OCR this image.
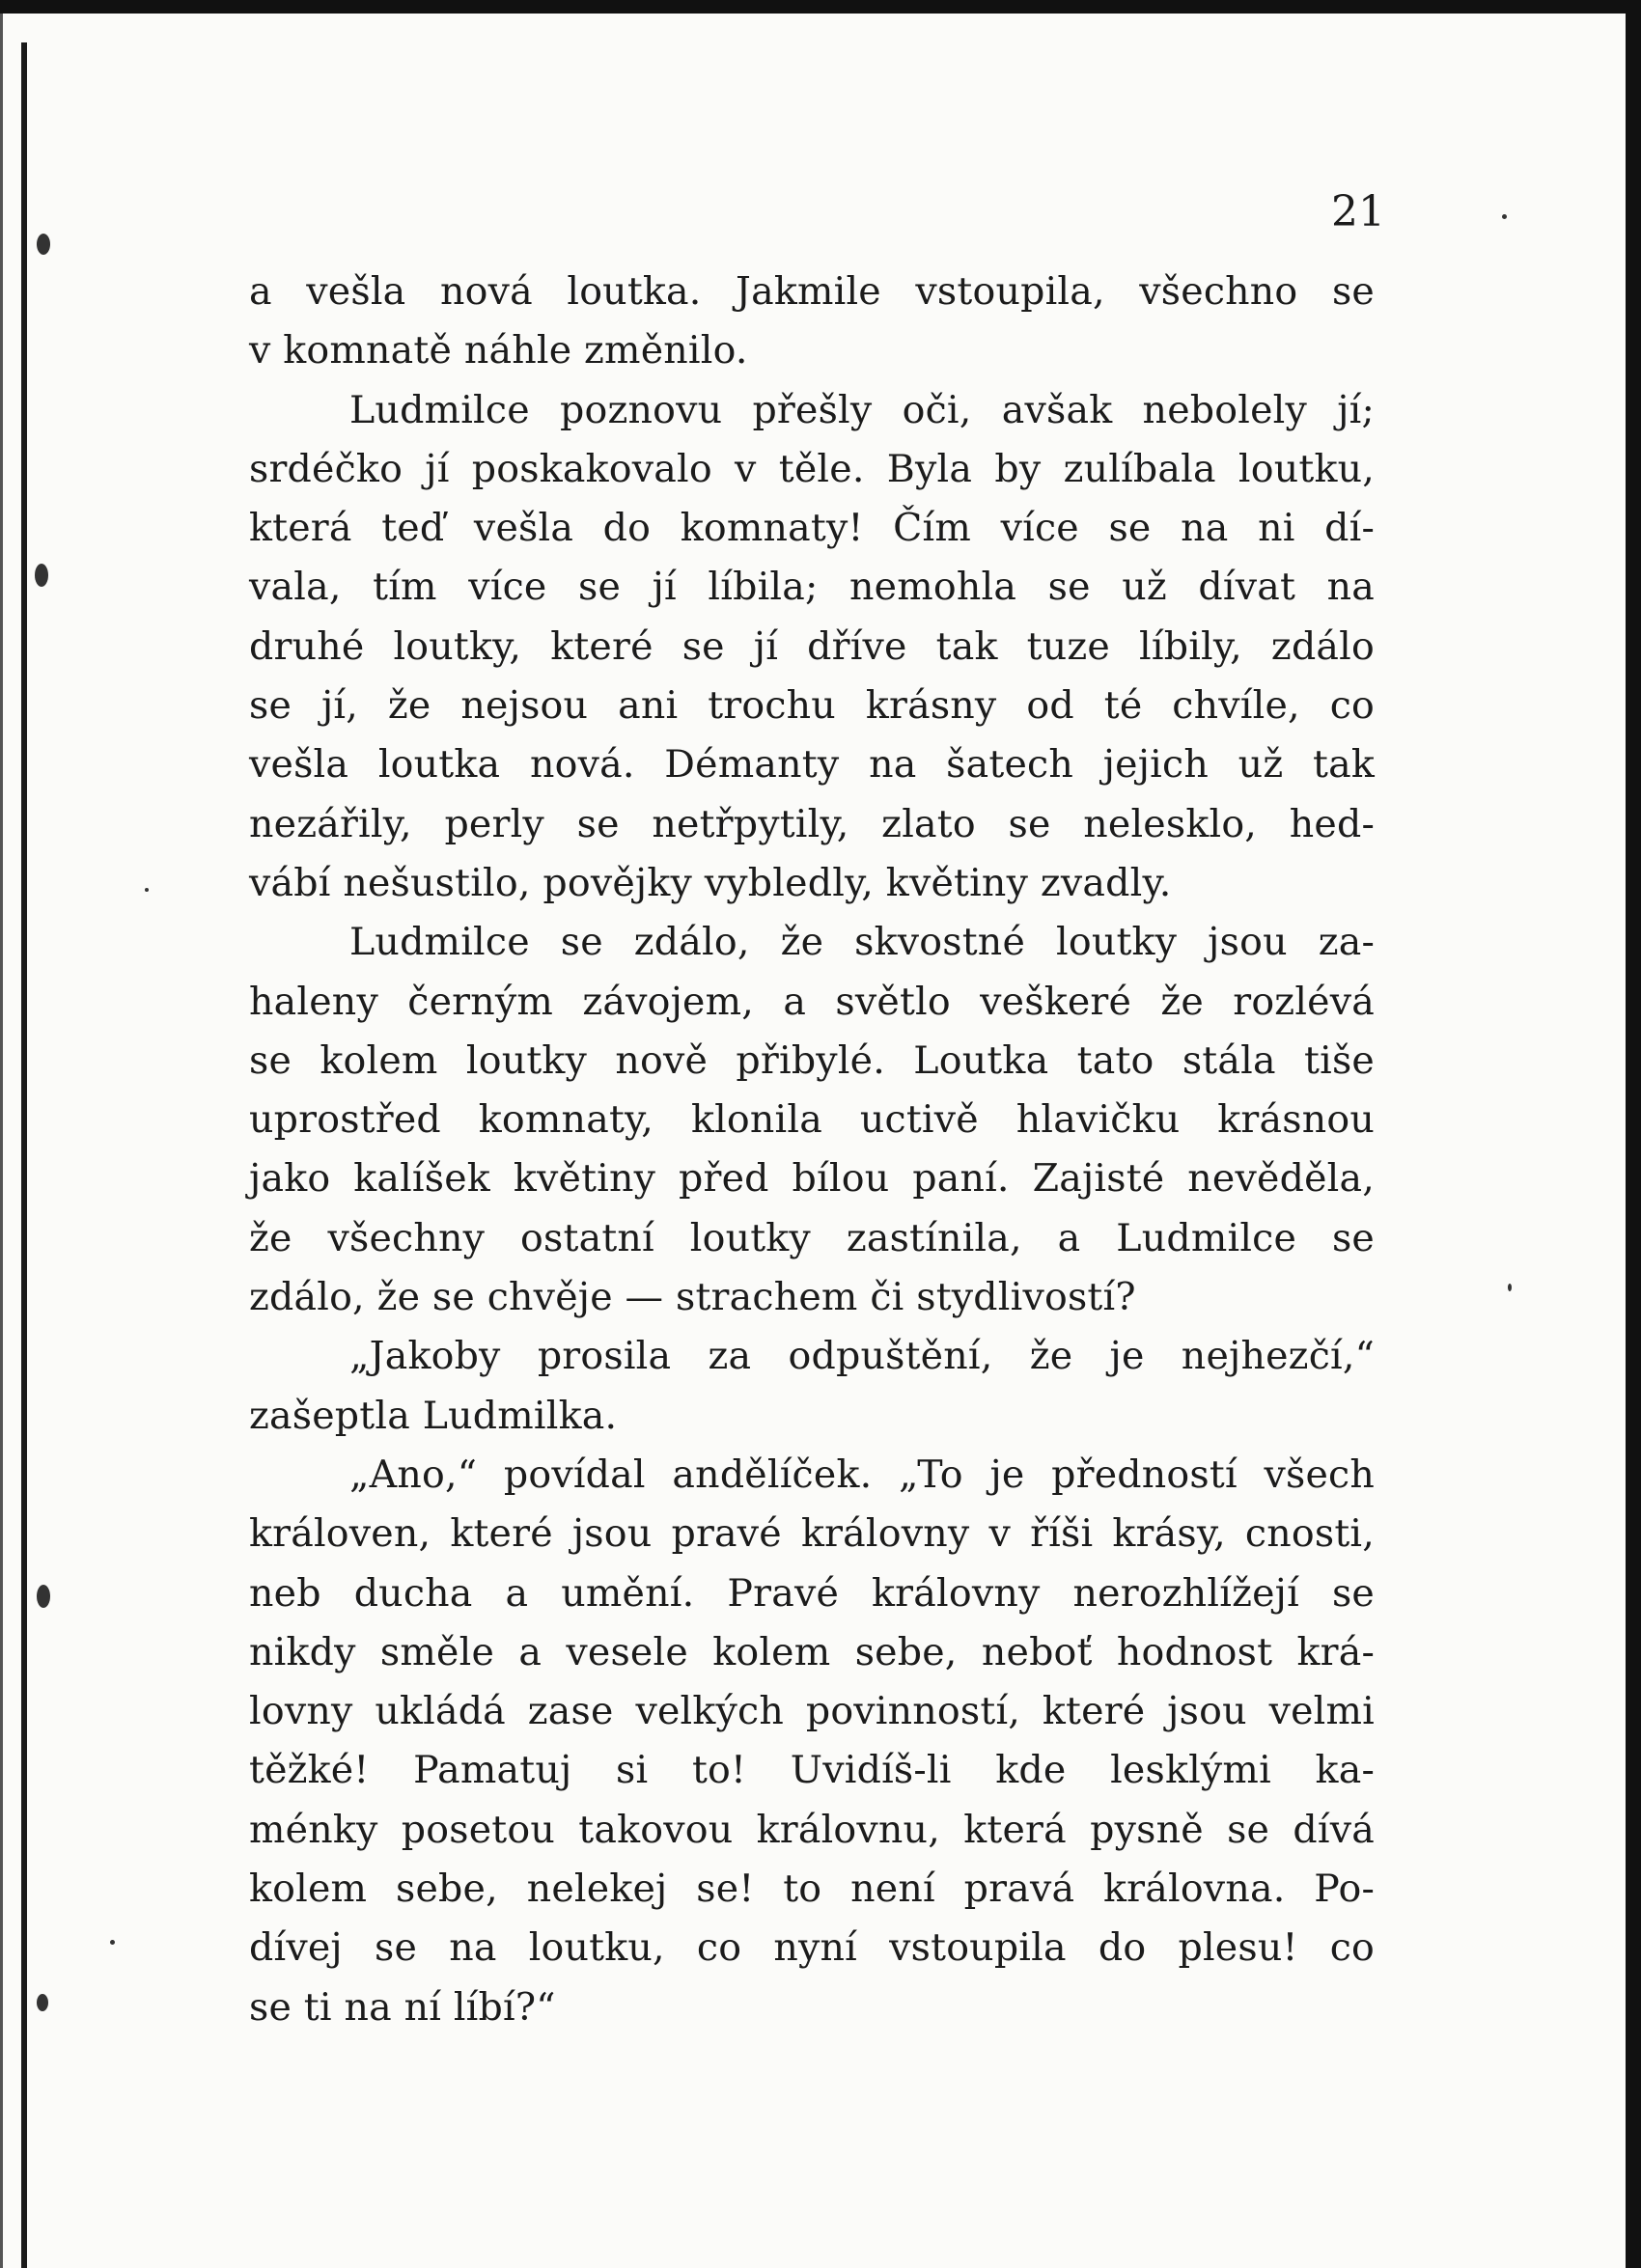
21
a vešla nová loutka. Jakmile vstoupila, všechno se
v komnatě náhle změnilo.
Ludmilce poznovu přešly oči, avšak nebolely jí;
srdéčko jí poskakovalo v těle. Byla by zulíbala loutku,
která teď vešla do komnaty! Čím více se na ni dí-
vala, tím více se jí líbila; nemohla se už dívat na
druhé loutky, které se jí dříve tak tuze líbily, zdálo
se jí, že nejsou ani trochu krásny od té chvíle, co
vešla loutka nová. Démanty na šatech jejich už tak
nezářily, perly se netřpytily, zlato se nelesklo, hed-
vábí nešustilo, povějky vybledly, květiny zvadly.
Ludmilce se zdálo, že skvostné loutky jsou za-
haleny černým závojem, a světlo veškeré že rozlévá
se kolem loutky nově přibylé. Loutka tato stála tiše
uprostřed komnaty, klonila uctivě hlavičku krásnou
jako kalíšek květiny před bílou paní. Zajisté nevěděla,
že všechny ostatní loutky zastínila, a Ludmilce se
zdálo, že se chvěje — strachem či stydlivostí?
„Jakoby prosila za odpuštění, že je nejhezčí,“
zašeptla Ludmilka.
„Ano,“ povídal andělíček. „To je předností všech
královen, které jsou pravé královny v říši krásy, cnosti,
neb ducha a umění. Pravé královny nerozhlížejí se
nikdy směle a vesele kolem sebe, neboť hodnost krá-
lovny ukládá zase velkých povinností, které jsou velmi
těžké! Pamatuj si to! Uvidíš-li kde lesklými ka-
ménky posetou takovou královnu, která pysně se dívá
kolem sebe, nelekej se! to není pravá královna. Po-
dívej se na loutku, co nyní vstoupila do plesu! co
se ti na ní líbí?“
